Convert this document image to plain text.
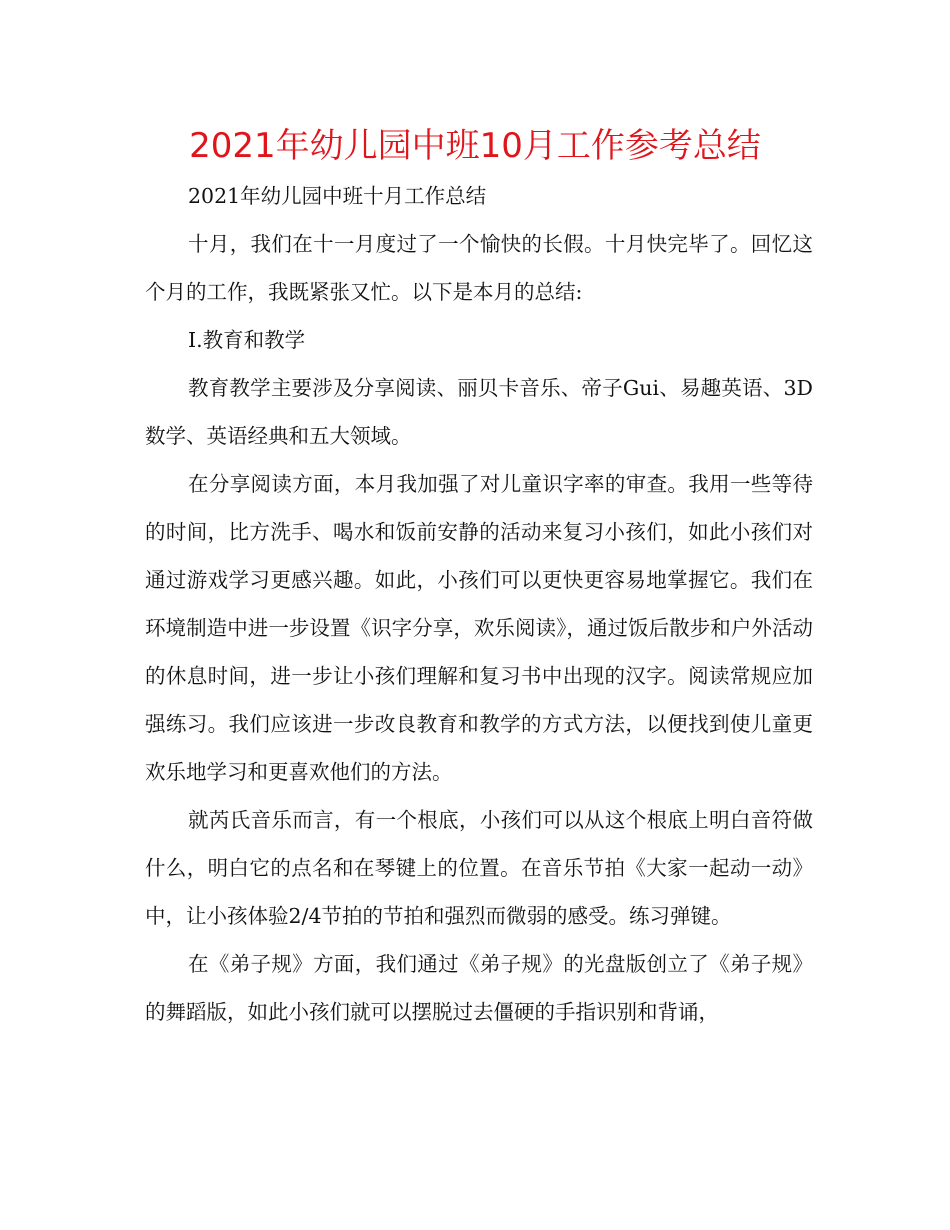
2021年幼儿园中班10月工作参考总结

2021年幼儿园中班十月工作总结

十月，我们在十一月度过了一个愉快的长假。十月快完毕了。回忆这个月的工作，我既紧张又忙。以下是本月的总结:

Ⅰ.教育和教学

教育教学主要涉及分享阅读、丽贝卡音乐、帝子Gui、易趣英语、3D数学、英语经典和五大领域。

在分享阅读方面，本月我加强了对儿童识字率的审查。我用一些等待的时间，比方洗手、喝水和饭前安静的活动来复习小孩们，如此小孩们对通过游戏学习更感兴趣。如此，小孩们可以更快更容易地掌握它。我们在环境制造中进一步设置《识字分享，欢乐阅读》，通过饭后散步和户外活动的休息时间，进一步让小孩们理解和复习书中出现的汉字。阅读常规应加强练习。我们应该进一步改良教育和教学的方式方法，以便找到使儿童更欢乐地学习和更喜欢他们的方法。

就芮氏音乐而言，有一个根底，小孩们可以从这个根底上明白音符做什么，明白它的点名和在琴键上的位置。在音乐节拍《大家一起动一动》中，让小孩体验2/4节拍的节拍和强烈而微弱的感受。练习弹键。

在《弟子规》方面，我们通过《弟子规》的光盘版创立了《弟子规》的舞蹈版，如此小孩们就可以摆脱过去僵硬的手指识别和背诵，
